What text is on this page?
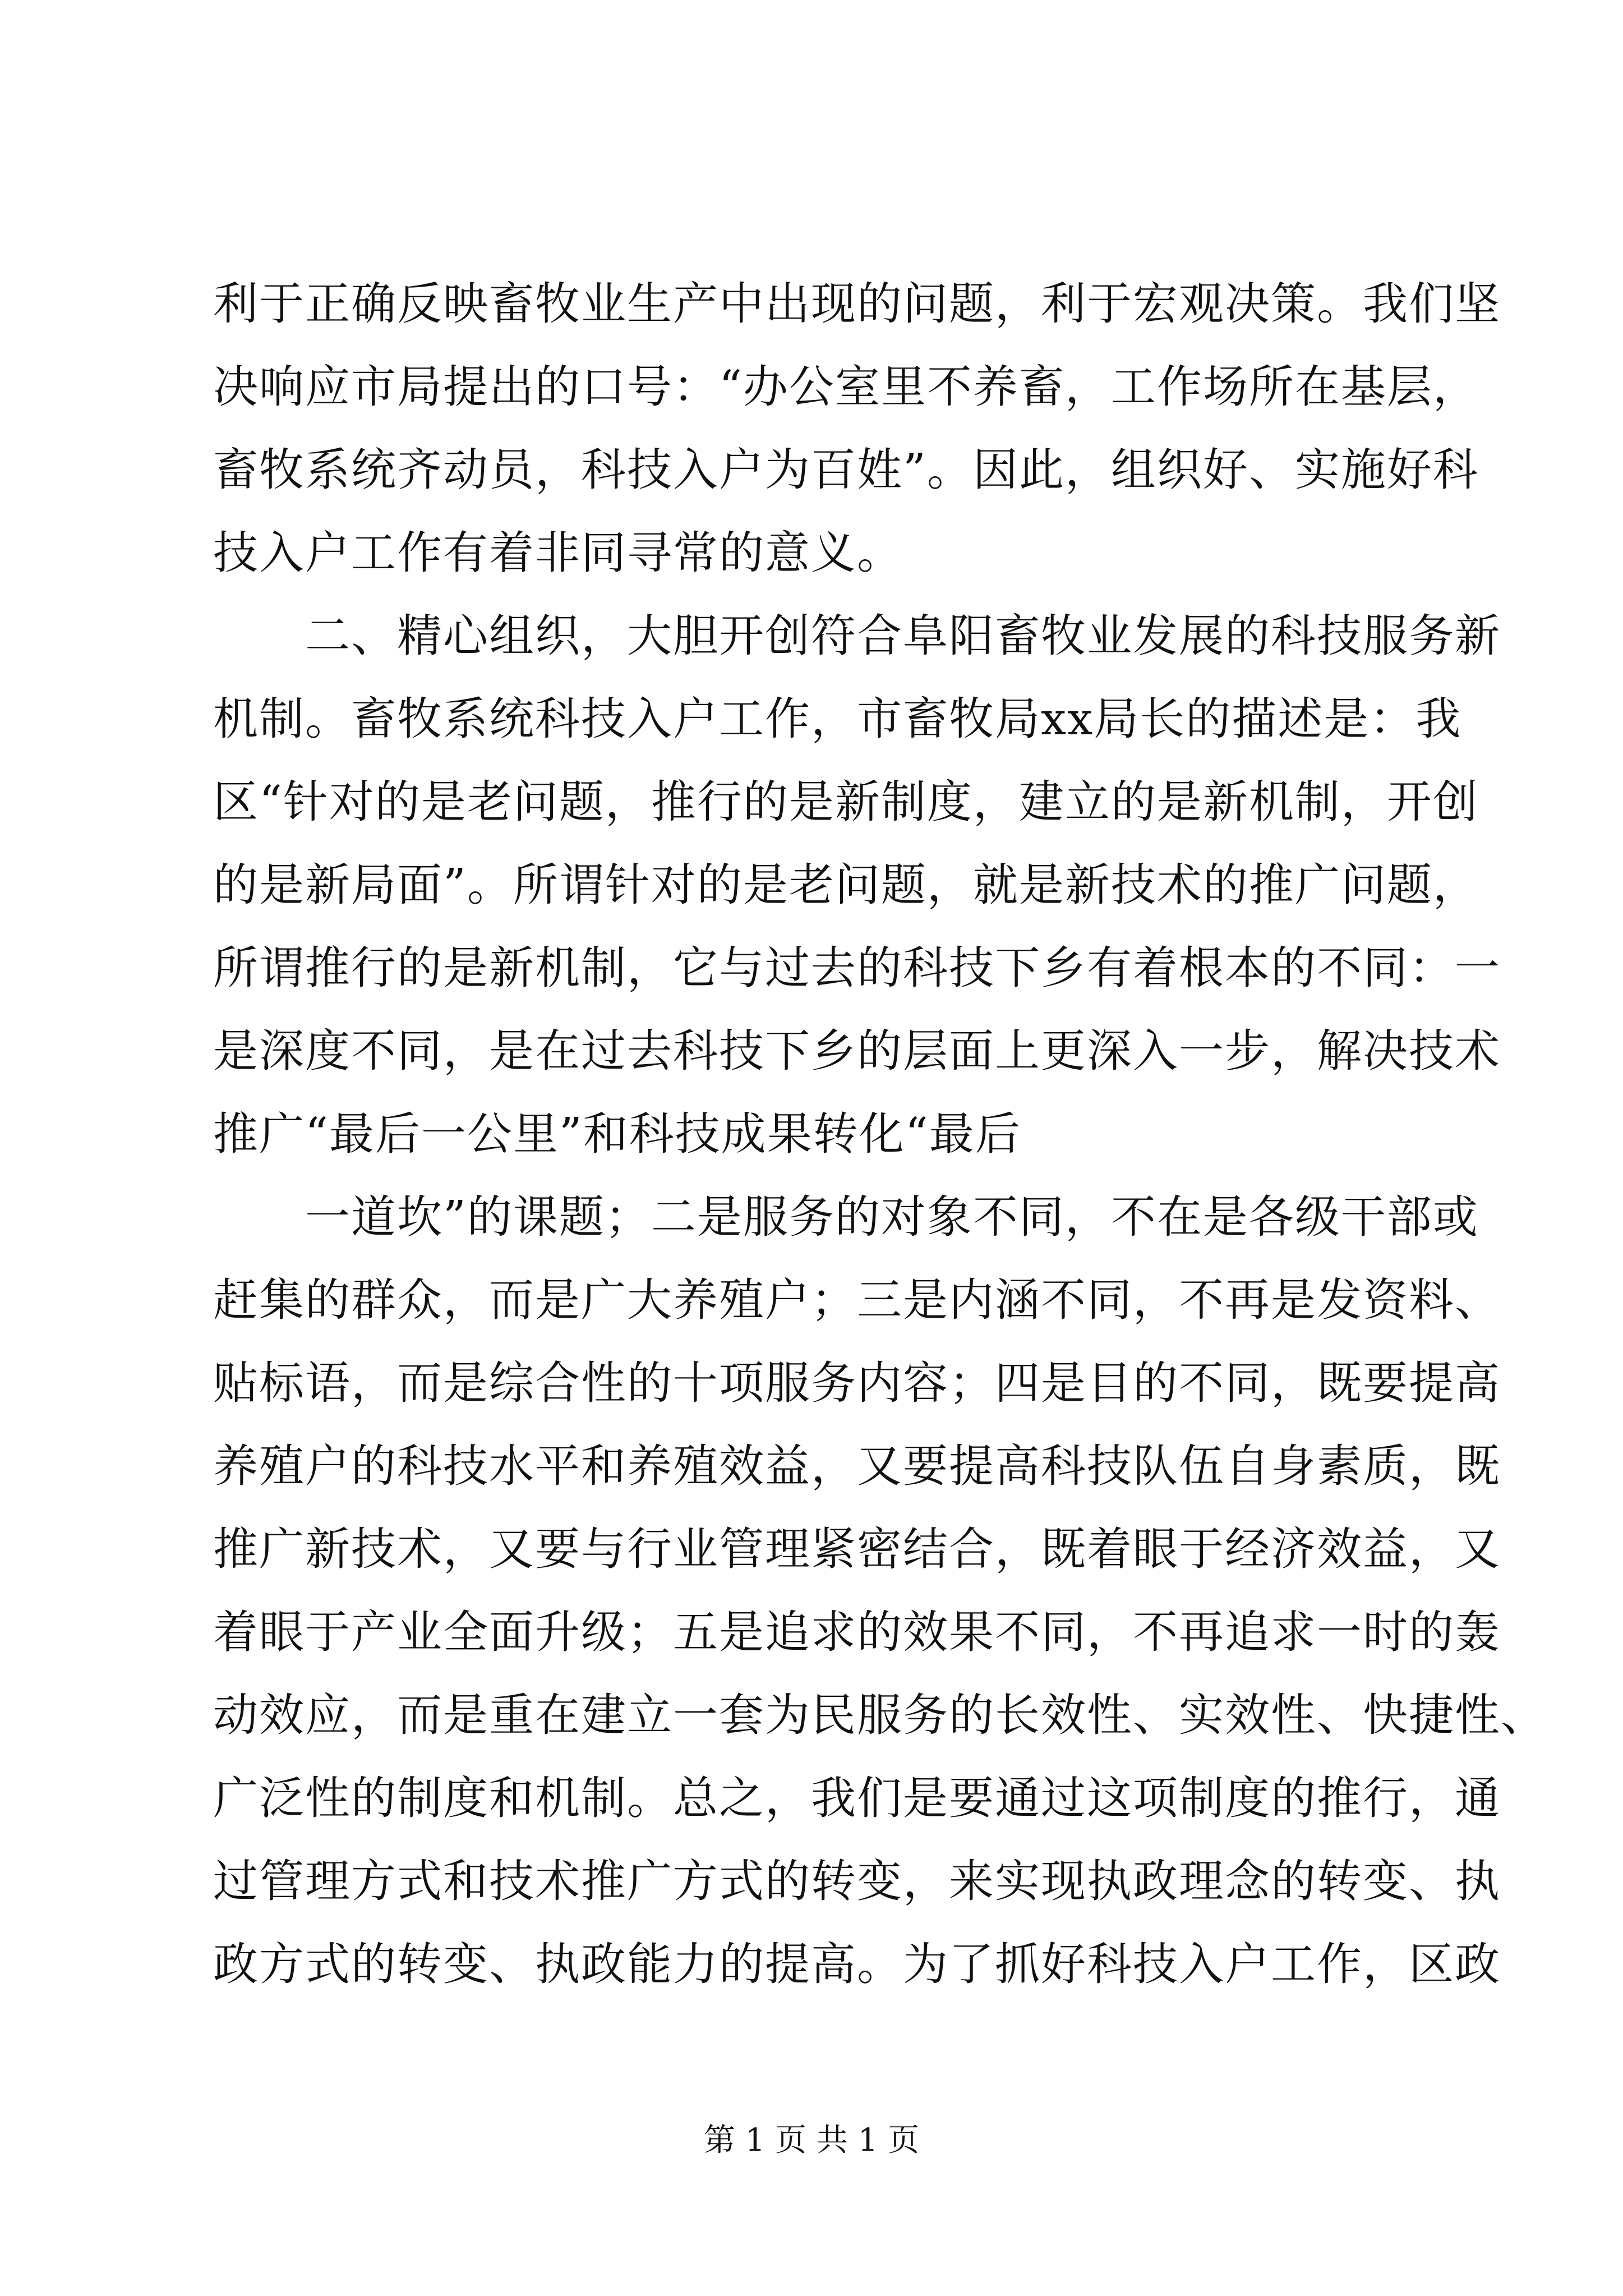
利于正确反映畜牧业生产中出现的问题，利于宏观决策。我们坚
决响应市局提出的口号：“办公室里不养畜，工作场所在基层，
畜牧系统齐动员，科技入户为百姓”。因此，组织好、实施好科
技入户工作有着非同寻常的意义。
二、精心组织，大胆开创符合阜阳畜牧业发展的科技服务新
机制。畜牧系统科技入户工作，市畜牧局xx局长的描述是：我
区“针对的是老问题，推行的是新制度，建立的是新机制，开创
的是新局面”。所谓针对的是老问题，就是新技术的推广问题，
所谓推行的是新机制，它与过去的科技下乡有着根本的不同：一
是深度不同，是在过去科技下乡的层面上更深入一步，解决技术
推广“最后一公里”和科技成果转化“最后
一道坎”的课题；二是服务的对象不同，不在是各级干部或
赶集的群众，而是广大养殖户；三是内涵不同，不再是发资料、
贴标语，而是综合性的十项服务内容；四是目的不同，既要提高
养殖户的科技水平和养殖效益，又要提高科技队伍自身素质，既
推广新技术，又要与行业管理紧密结合，既着眼于经济效益，又
着眼于产业全面升级；五是追求的效果不同，不再追求一时的轰
动效应，而是重在建立一套为民服务的长效性、实效性、快捷性、
广泛性的制度和机制。总之，我们是要通过这项制度的推行，通
过管理方式和技术推广方式的转变，来实现执政理念的转变、执
政方式的转变、执政能力的提高。为了抓好科技入户工作，区政
第 1 页 共 1 页
